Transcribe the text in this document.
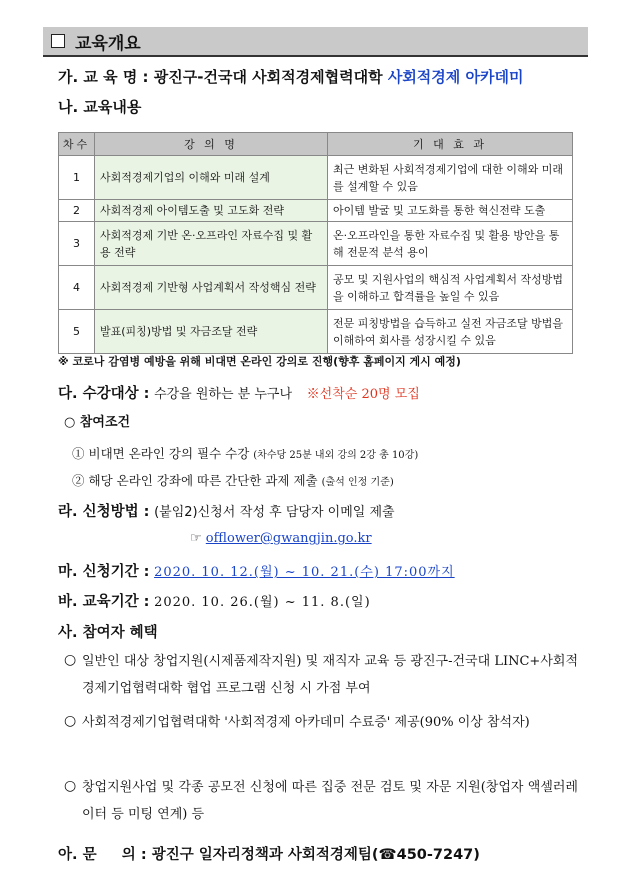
교육개요
가. 교 육 명 : 광진구-건국대 사회적경제협력대학 사회적경제 아카데미
나. 교육내용
차수	강 의 명	기 대 효 과
1	사회적경제기업의 이해와 미래 설계	최근 변화된 사회적경제기업에 대한 이해와 미래를 설계할 수 있음
2	사회적경제 아이템도출 및 고도화 전략	아이템 발굴 및 고도화를 통한 혁신전략 도출
3	사회적경제 기반 온·오프라인 자료수집 및 활용 전략	온·오프라인을 통한 자료수집 및 활용 방안을 통해 전문적 분석 용이
4	사회적경제 기반형 사업계획서 작성핵심 전략	공모 및 지원사업의 핵심적 사업계획서 작성방법을 이해하고 합격률을 높일 수 있음
5	발표(피칭)방법 및 자금조달 전략	전문 피칭방법을 습득하고 실전 자금조달 방법을 이해하여 회사를 성장시킬 수 있음
※ 코로나 감염병 예방을 위해 비대면 온라인 강의로 진행(향후 홈페이지 게시 예정)
다. 수강대상 : 수강을 원하는 분 누구나 ※선착순 20명 모집
○ 참여조건
① 비대면 온라인 강의 필수 수강 (차수당 25분 내외 강의 2강 총 10강)
② 해당 온라인 강좌에 따른 간단한 과제 제출 (출석 인정 기준)
라. 신청방법 : (붙임2)신청서 작성 후 담당자 이메일 제출
☞ offlower@gwangjin.go.kr
마. 신청기간 : 2020. 10. 12.(월) ~ 10. 21.(수) 17:00까지
바. 교육기간 : 2020. 10. 26.(월) ~ 11. 8.(일)
사. 참여자 혜택
○ 일반인 대상 창업지원(시제품제작지원) 및 재직자 교육 등 광진구-건국대 LINC+사회적경제기업협력대학 협업 프로그램 신청 시 가점 부여
○ 사회적경제기업협력대학 '사회적경제 아카데미 수료증' 제공(90% 이상 참석자)
○ 창업지원사업 및 각종 공모전 신청에 따른 집중 전문 검토 및 자문 지원(창업자 액셀러레이터 등 미팅 연계) 등
아. 문     의 : 광진구 일자리정책과 사회적경제팀(☎450-7247)
